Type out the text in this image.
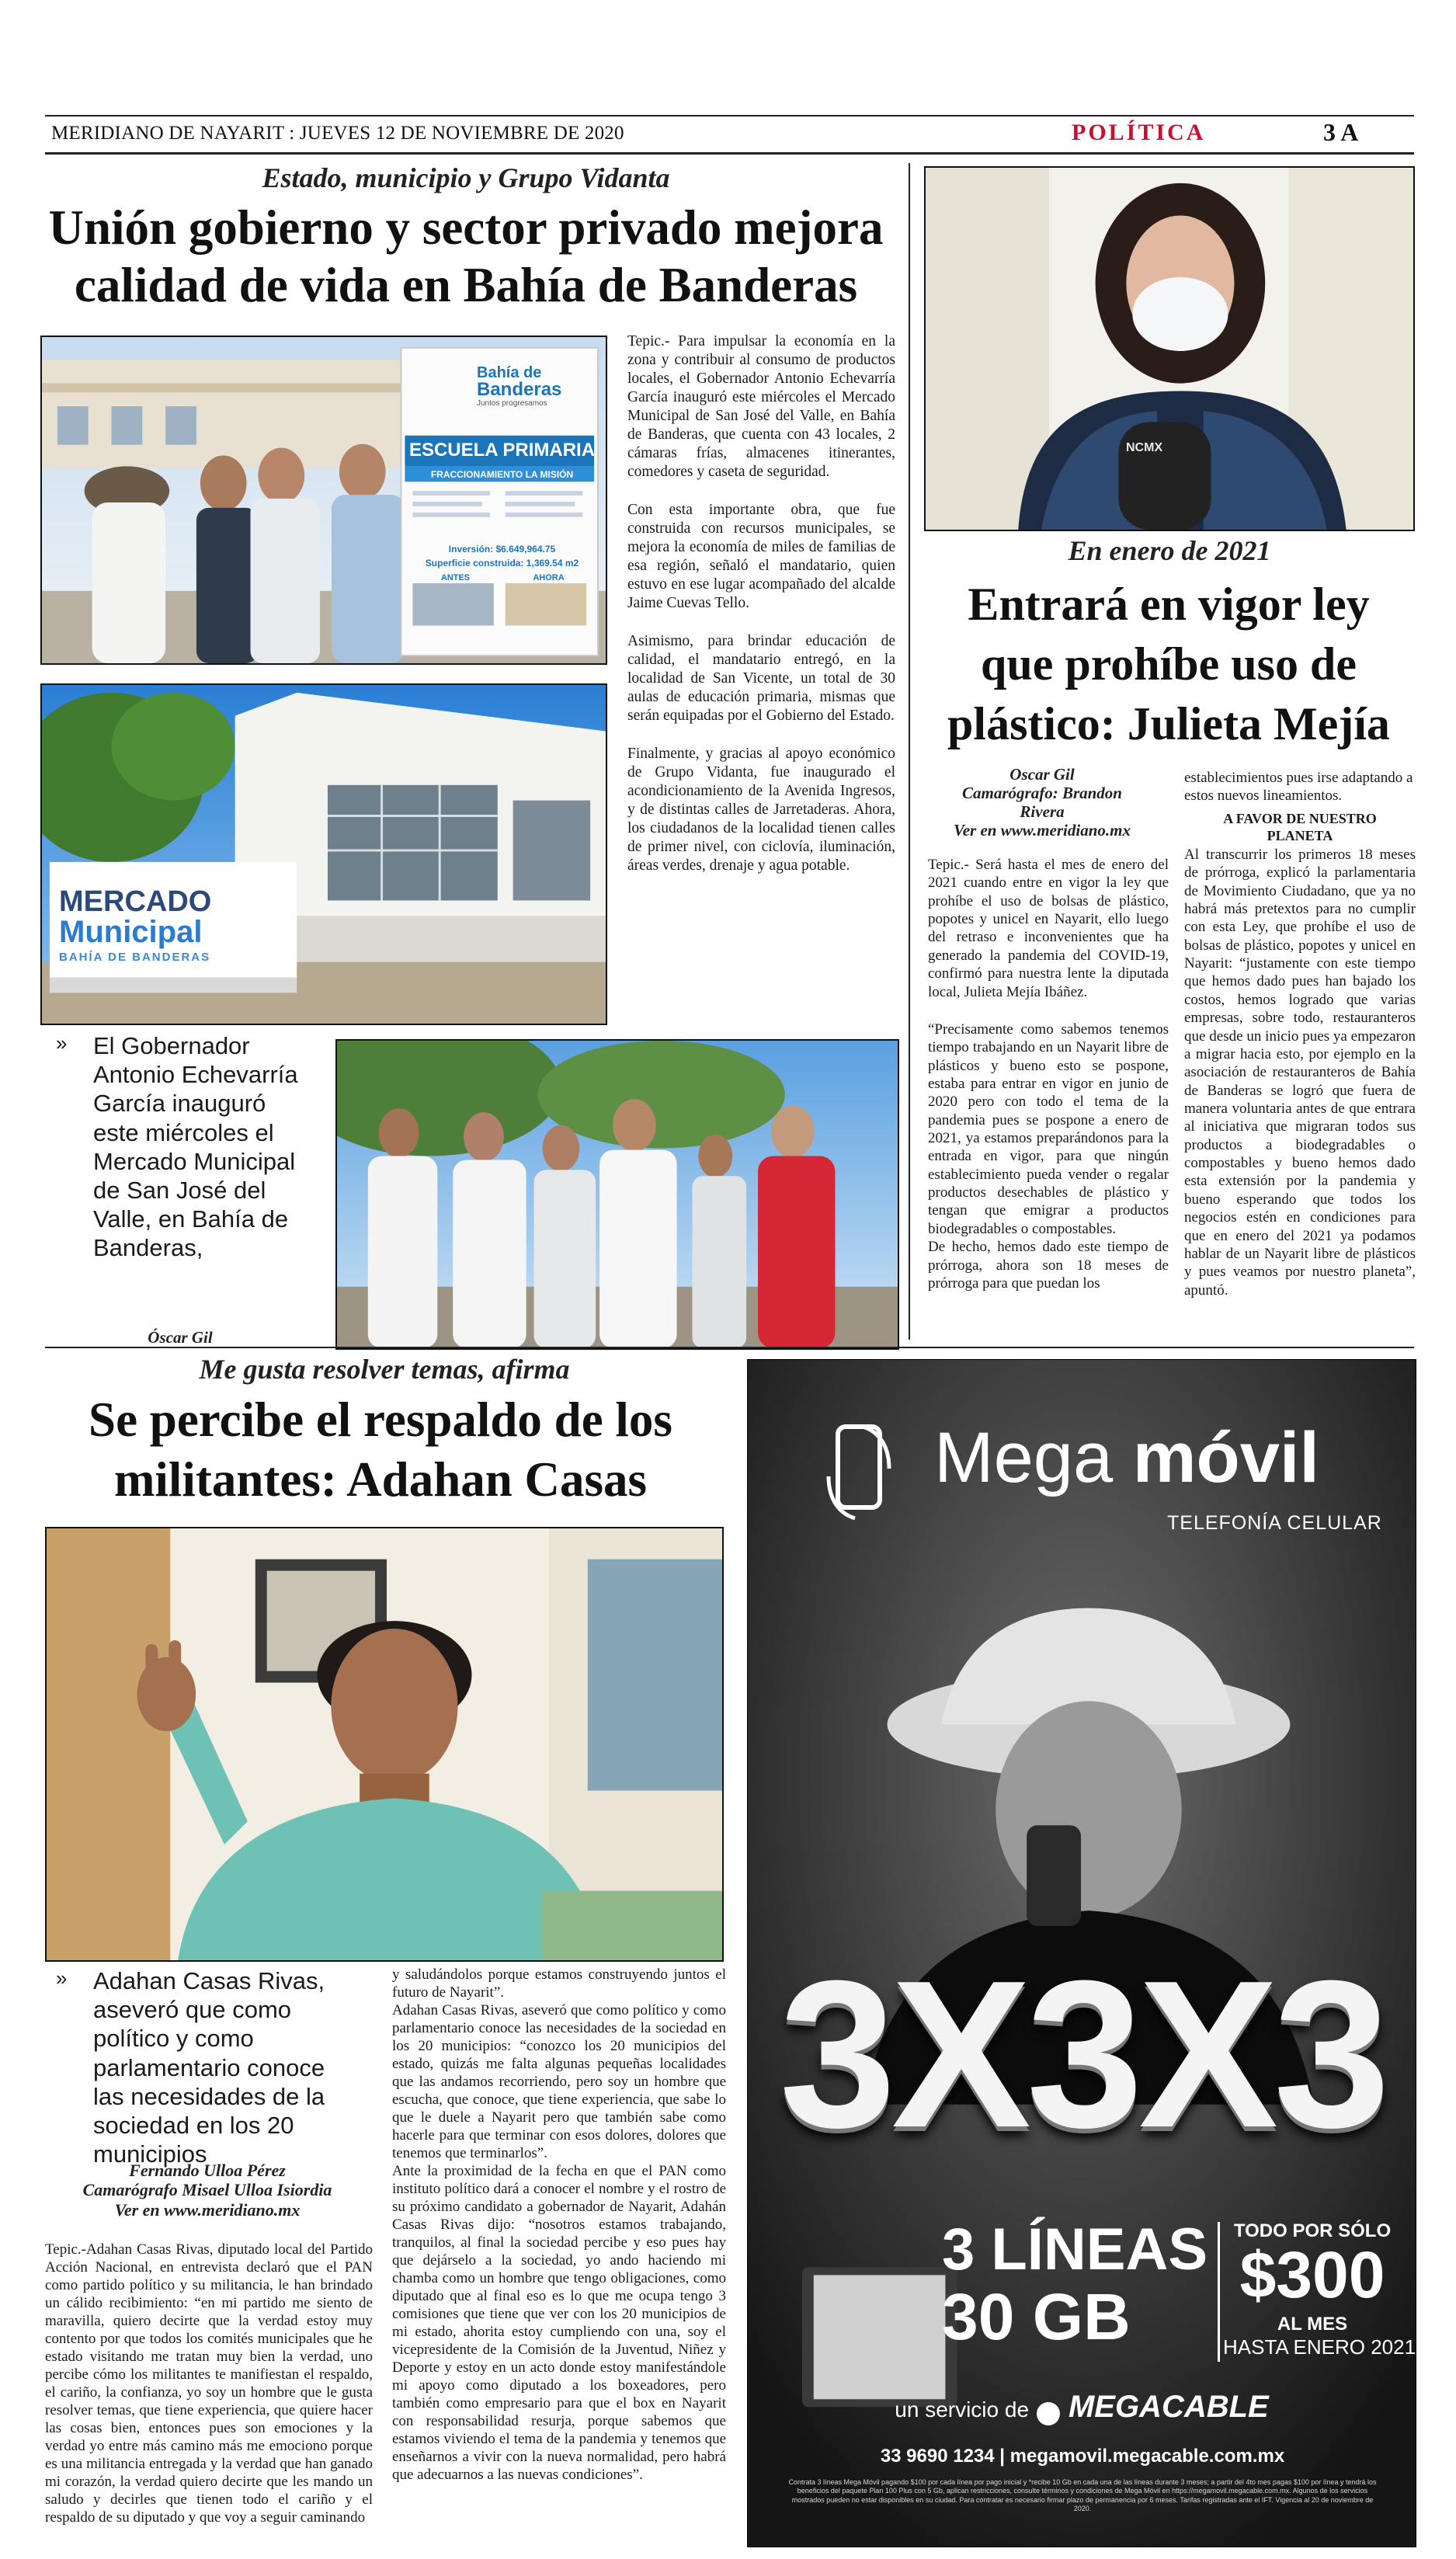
MERIDIANO DE NAYARIT : JUEVES 12 DE NOVIEMBRE DE 2020	POLÍTICA	3 A
Estado, municipio y Grupo Vidanta
Unión gobierno y sector privado mejora
calidad de vida en Bahía de Banderas
Bahía de
Banderas
Juntos progresamos
ESCUELA PRIMARIA
FRACCIONAMIENTO LA MISIÓN
Inversión: $6.649,964.75
Superficie construida: 1,369.54 m2
ANTES	AHORA
MERCADO
Municipal
BAHÍA DE BANDERAS

Tepic.- Para impulsar la economía en la zona y contribuir al consumo de productos locales, el Gobernador Antonio Echevarría García inauguró este miércoles el Mercado Municipal de San José del Valle, en Bahía de Banderas, que cuenta con 43 locales, 2 cámaras frías, almacenes itinerantes, comedores y caseta de seguridad.

Con esta importante obra, que fue construida con recursos municipales, se mejora la economía de miles de familias de esa región, señaló el mandatario, quien estuvo en ese lugar acompañado del alcalde Jaime Cuevas Tello.

Asimismo, para brindar educación de calidad, el mandatario entregó, en la localidad de San Vicente, un total de 30 aulas de educación primaria, mismas que serán equipadas por el Gobierno del Estado.

Finalmente, y gracias al apoyo económico de Grupo Vidanta, fue inaugurado el acondicionamiento de la Avenida Ingresos, y de distintas calles de Jarretaderas. Ahora, los ciudadanos de la localidad tienen calles de primer nivel, con ciclovía, iluminación, áreas verdes, drenaje y agua potable.

» El Gobernador Antonio Echevarría García inauguró este miércoles el Mercado Municipal de San José del Valle, en Bahía de Banderas,
Óscar Gil
NCMX
En enero de 2021
Entrará en vigor ley
que prohíbe uso de
plástico: Julieta Mejía
Oscar Gil
Camarógrafo: Brandon
Rivera
Ver en www.meridiano.mx

Tepic.- Será hasta el mes de enero del 2021 cuando entre en vigor la ley que prohíbe el uso de bolsas de plástico, popotes y unicel en Nayarit, ello luego del retraso e inconvenientes que ha generado la pandemia del COVID-19, confirmó para nuestra lente la diputada local, Julieta Mejía Ibáñez.

“Precisamente como sabemos tenemos tiempo trabajando en un Nayarit libre de plásticos y bueno esto se pospone, estaba para entrar en vigor en junio de 2020 pero con todo el tema de la pandemia pues se pospone a enero de 2021, ya estamos preparándonos para la entrada en vigor, para que ningún establecimiento pueda vender o regalar productos desechables de plástico y tengan que emigrar a productos biodegradables o compostables.

De hecho, hemos dado este tiempo de prórroga, ahora son 18 meses de prórroga para que puedan los

establecimientos pues irse adaptando a estos nuevos lineamientos.

A FAVOR DE NUESTRO
PLANETA

Al transcurrir los primeros 18 meses de prórroga, explicó la parlamentaria de Movimiento Ciudadano, que ya no habrá más pretextos para no cumplir con esta Ley, que prohíbe el uso de bolsas de plástico, popotes y unicel en Nayarit: “justamente con este tiempo que hemos dado pues han bajado los costos, hemos logrado que varias empresas, sobre todo, restauranteros que desde un inicio pues ya empezaron a migrar hacia esto, por ejemplo en la asociación de restauranteros de Bahía de Banderas se logró que fuera de manera voluntaria antes de que entrara al iniciativa que migraran todos sus productos a biodegradables o compostables y bueno hemos dado esta extensión por la pandemia y bueno esperando que todos los negocios estén en condiciones para que en enero del 2021 ya podamos hablar de un Nayarit libre de plásticos y pues veamos por nuestro planeta”, apuntó.

Me gusta resolver temas, afirma
Se percibe el respaldo de los
militantes: Adahan Casas
» Adahan Casas Rivas, aseveró que como político y como parlamentario conoce las necesidades de la sociedad en los 20 municipios
Fernando Ulloa Pérez
Camarógrafo Misael Ulloa Isiordia
Ver en www.meridiano.mx

Tepic.-Adahan Casas Rivas, diputado local del Partido Acción Nacional, en entrevista declaró que el PAN como partido político y su militancia, le han brindado un cálido recibimiento: “en mi partido me siento de maravilla, quiero decirte que la verdad estoy muy contento por que todos los comités municipales que he estado visitando me tratan muy bien la verdad, uno percibe cómo los militantes te manifiestan el respaldo, el cariño, la confianza, yo soy un hombre que le gusta resolver temas, que tiene experiencia, que quiere hacer las cosas bien, entonces pues son emociones y la verdad yo entre más camino más me emociono porque es una militancia entregada y la verdad que han ganado mi corazón, la verdad quiero decirte que les mando un saludo y decirles que tienen todo el cariño y el respaldo de su diputado y que voy a seguir caminando

y saludándolos porque estamos construyendo juntos el futuro de Nayarit”.

Adahan Casas Rivas, aseveró que como político y como parlamentario conoce las necesidades de la sociedad en los 20 municipios: “conozco los 20 municipios del estado, quizás me falta algunas pequeñas localidades que las andamos recorriendo, pero soy un hombre que escucha, que conoce, que tiene experiencia, que sabe lo que le duele a Nayarit pero que también sabe como hacerle para que terminar con esos dolores, dolores que tenemos que terminarlos”.

Ante la proximidad de la fecha en que el PAN como instituto político dará a conocer el nombre y el rostro de su próximo candidato a gobernador de Nayarit, Adahán Casas Rivas dijo: “nosotros estamos trabajando, tranquilos, al final la sociedad percibe y eso pues hay que dejárselo a la sociedad, yo ando haciendo mi chamba como un hombre que tengo obligaciones, como diputado que al final eso es lo que me ocupa tengo 3 comisiones que tiene que ver con los 20 municipios de mi estado, ahorita estoy cumpliendo con una, soy el vicepresidente de la Comisión de la Juventud, Niñez y Deporte y estoy en un acto donde estoy manifestándole mi apoyo como diputado a los boxeadores, pero también como empresario para que el box en Nayarit con responsabilidad resurja, porque sabemos que estamos viviendo el tema de la pandemia y tenemos que enseñarnos a vivir con la nueva normalidad, pero habrá que adecuarnos a las nuevas condiciones”.

Mega móvil
TELEFONÍA CELULAR
3X3X3
3 LÍNEAS
30 GB
TODO POR SÓLO
$300
AL MES
HASTA ENERO 2021
un servicio de MEGACABLE
33 9690 1234 | megamovil.megacable.com.mx
Contrata 3 líneas Mega Móvil pagando $100 por cada línea por pago inicial y *recibe 10 Gb en cada una de las líneas durante 3 meses; a partir del 4to mes pagas $100 por línea y tendrá los beneficios del paquete Plan 100 Plus con 5 Gb, aplican restricciones, consulte términos y condiciones de Mega Móvil en https://megamovil.megacable.com.mx. Algunos de los servicios mostrados pueden no estar disponibles en su ciudad. Para contratar es necesario firmar plazo de permanencia por 6 meses. Tarifas registradas ante el IFT. Vigencia al 20 de noviembre de 2020.
